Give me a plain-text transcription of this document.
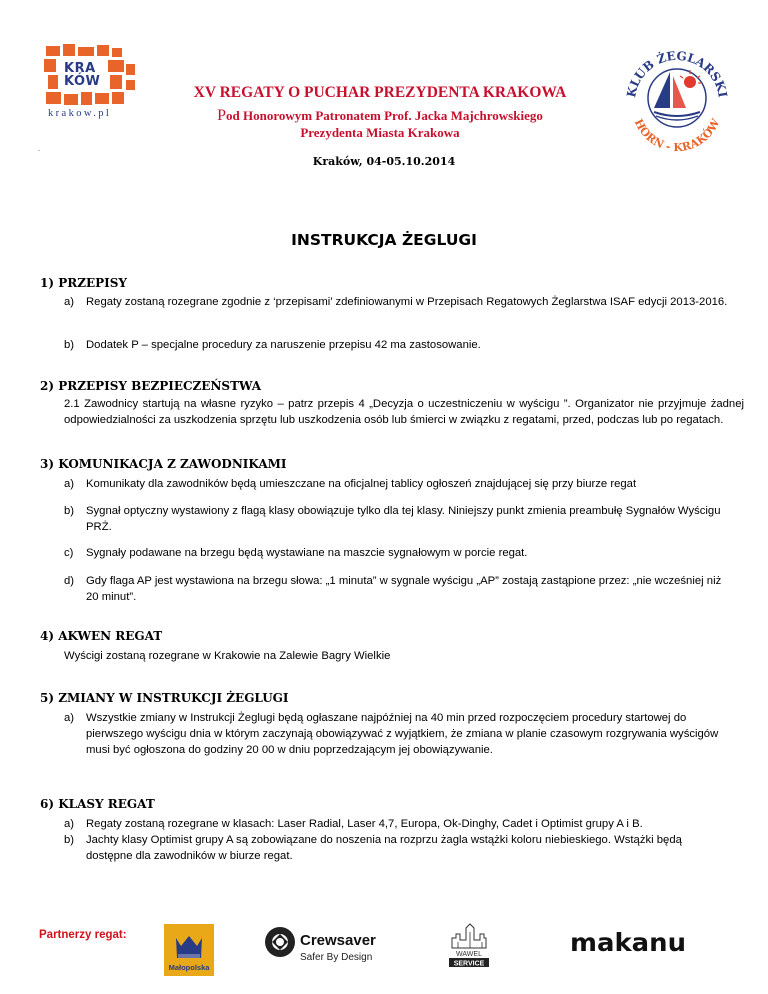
KRA
KÓW
krakow.pl
XV REGATY O PUCHAR PREZYDENTA KRAKOWA
Pod Honorowym Patronatem Prof. Jacka Majchrowskiego
Prezydenta Miasta Krakowa
.
Kraków, 04-05.10.2014
KLUB ŻEGLARSKI
HORN - KRAKÓW
INSTRUKCJA ŻEGLUGI
1) PRZEPISY
a)	Regaty zostaną rozegrane zgodnie z ‘przepisami’ zdefiniowanymi w Przepisach Regatowych Żeglarstwa ISAF edycji 2013-2016.
b)	Dodatek P – specjalne procedury za naruszenie przepisu 42 ma zastosowanie.
2) PRZEPISY BEZPIECZEŃSTWA
2.1 Zawodnicy startują na własne ryzyko – patrz przepis 4 „Decyzja o uczestniczeniu w wyścigu ”. Organizator nie przyjmuje żadnej odpowiedzialności za uszkodzenia sprzętu lub uszkodzenia osób lub śmierci w związku z regatami, przed, podczas lub po regatach.
3) KOMUNIKACJA Z ZAWODNIKAMI
a)	Komunikaty dla zawodników będą umieszczane na oficjalnej tablicy ogłoszeń znajdującej się przy biurze regat
b)	Sygnał optyczny wystawiony z flagą klasy obowiązuje tylko dla tej klasy. Niniejszy punkt zmienia preambułę Sygnałów Wyścigu PRŻ.
c)	Sygnały podawane na brzegu będą wystawiane na maszcie sygnałowym w porcie regat.
d)	Gdy flaga AP jest wystawiona na brzegu słowa: „1 minuta” w sygnale wyścigu „AP” zostają zastąpione przez: „nie wcześniej niż 20 minut”.
4) AKWEN REGAT
Wyścigi zostaną rozegrane w Krakowie na Zalewie Bagry Wielkie
5) ZMIANY W INSTRUKCJI ŻEGLUGI
a)	Wszystkie zmiany w Instrukcji Żeglugi będą ogłaszane najpóźniej na 40 min przed rozpoczęciem procedury startowej do pierwszego wyścigu dnia w którym zaczynają obowiązywać z wyjątkiem, że zmiana w planie czasowym rozgrywania wyścigów musi być ogłoszona do godziny 20 00 w dniu poprzedzającym jej obowiązywanie.
6) KLASY REGAT
a)	Regaty zostaną rozegrane w klasach: Laser Radial, Laser 4,7, Europa, Ok-Dinghy, Cadet i Optimist grupy A i B.
b)	Jachty klasy Optimist grupy A są zobowiązane do noszenia na rozprzu żagla wstążki koloru niebieskiego. Wstążki będą dostępne dla zawodników w biurze regat.
Partnerzy regat:
Małopolska
Crewsaver
Safer By Design	WAWEL
SERVICE
makanu
